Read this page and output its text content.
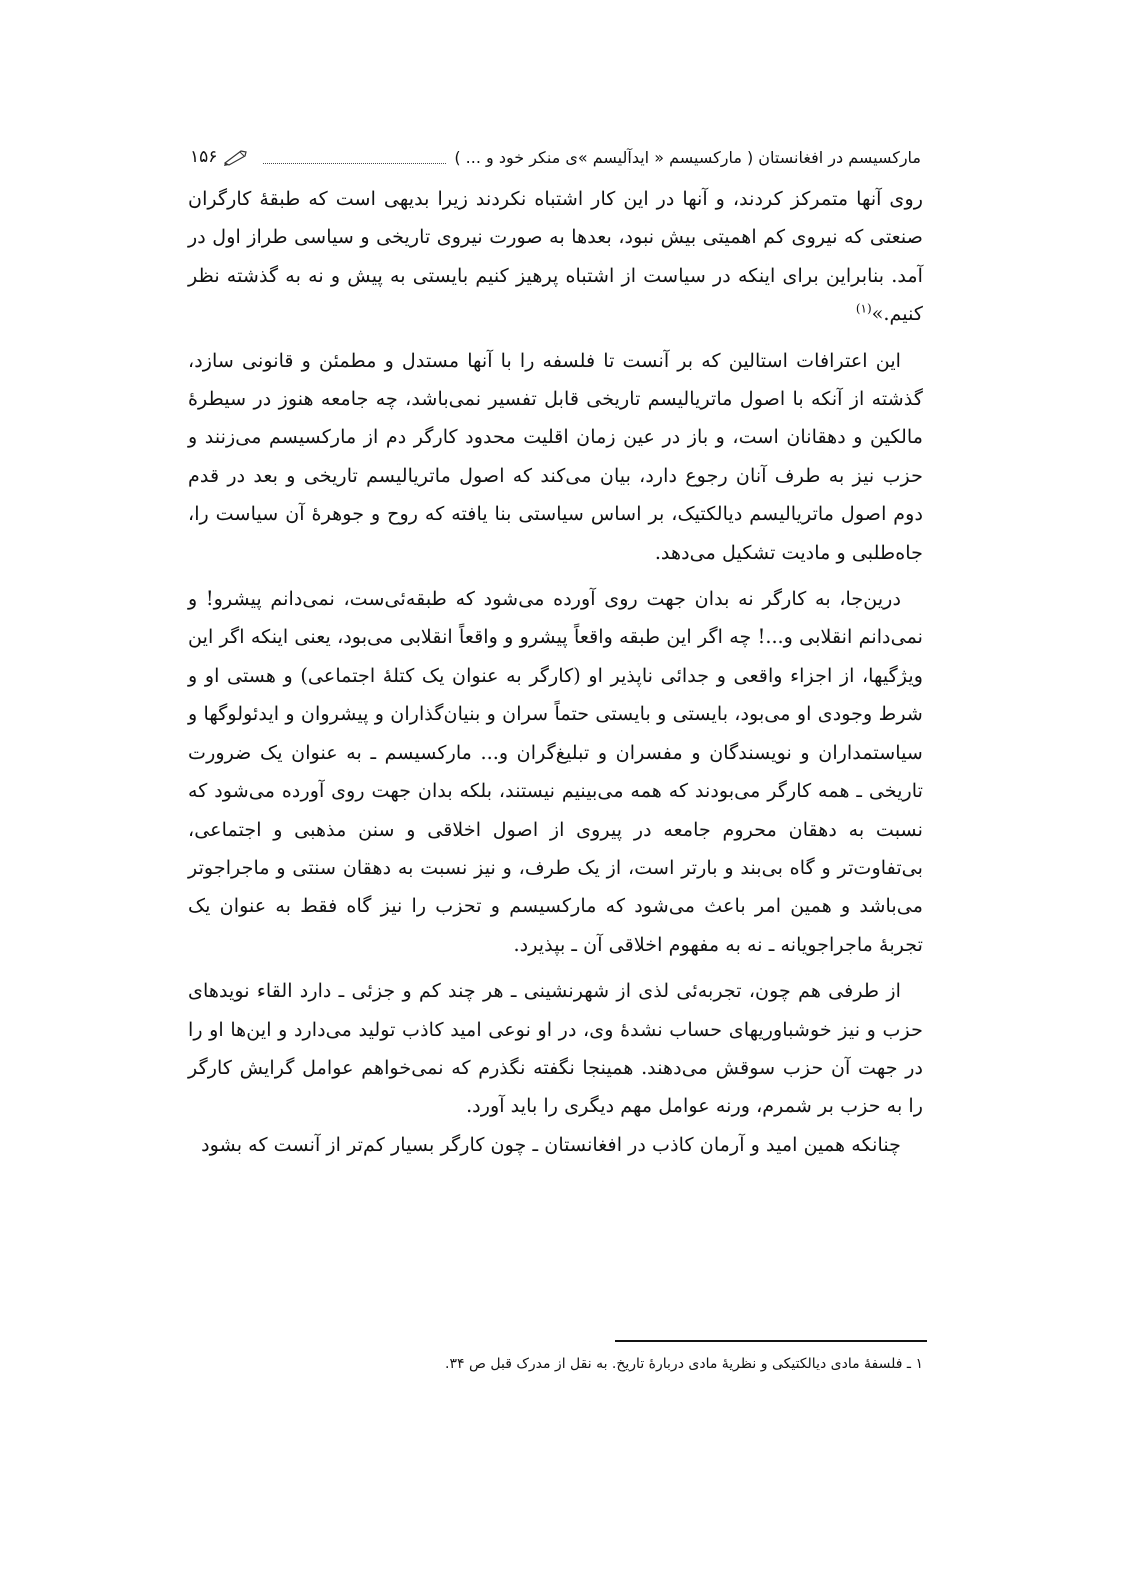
مارکسیسم در افغانستان ( مارکسیسم « ایدآلیسم »ی منکر خود و ... )
۱۵۶

روی آنها متمرکز کردند، و آنها در این کار اشتباه نکردند زیرا بدیهی است که طبقهٔ کارگران صنعتی که نیروی کم اهمیتی بیش نبود، بعدها به صورت نیروی تاریخی و سیاسی طراز اول در آمد. بنابراین برای اینکه در سیاست از اشتباه پرهیز کنیم بایستی به پیش و نه به گذشته نظر کنیم.»$^{(۱)}$

این اعترافات استالین که بر آنست تا فلسفه را با آنها مستدل و مطمئن و قانونی سازد، گذشته از آنکه با اصول ماتریالیسم تاریخی قابل تفسیر نمی‌باشد، چه جامعه هنوز در سیطرهٔ مالکین و دهقانان است، و باز در عین زمان اقلیت محدود کارگر دم از مارکسیسم می‌زنند و حزب نیز به طرف آنان رجوع دارد، بیان می‌کند که اصول ماتریالیسم تاریخی و بعد در قدم دوم اصول ماتریالیسم دیالکتیک، بر اساس سیاستی بنا یافته که روح و جوهرهٔ آن سیاست را، جاه‌طلبی و مادیت تشکیل می‌دهد.

درین‌جا، به کارگر نه بدان جهت روی آورده می‌شود که طبقه‌ئی‌ست، نمی‌دانم پیشرو! و نمی‌دانم انقلابی و...! چه اگر این طبقه واقعاً پیشرو و واقعاً انقلابی می‌بود، یعنی اینکه اگر این ویژگیها، از اجزاء واقعی و جدائی ناپذیر او (کارگر به عنوان یک کتلهٔ اجتماعی) و هستی او و شرط وجودی او می‌بود، بایستی و بایستی حتماً سران و بنیان‌گذاران و پیشروان و ایدئولوگها و سیاستمداران و نویسندگان و مفسران و تبلیغ‌گران و... مارکسیسم ـ به عنوان یک ضرورت تاریخی ـ همه کارگر می‌بودند که همه می‌بینیم نیستند، بلکه بدان جهت روی آورده می‌شود که نسبت به دهقان محروم جامعه در پیروی از اصول اخلاقی و سنن مذهبی و اجتماعی، بی‌تفاوت‌تر و گاه بی‌بند و بارتر است، از یک طرف، و نیز نسبت به دهقان سنتی و ماجراجوتر می‌باشد و همین امر باعث می‌شود که مارکسیسم و تحزب را نیز گاه فقط به عنوان یک تجربهٔ ماجراجویانه ـ نه به مفهوم اخلاقی آن ـ بپذیرد.

از طرفی هم چون، تجربه‌ئی لذی از شهرنشینی ـ هر چند کم و جزئی ـ دارد القاء نویدهای حزب و نیز خوشباوریهای حساب نشدهٔ وی، در او نوعی امید کاذب تولید می‌دارد و این‌ها او را در جهت آن حزب سوقش می‌دهند. همینجا نگفته نگذرم که نمی‌خواهم عوامل گرایش کارگر را به حزب بر شمرم، ورنه عوامل مهم دیگری را باید آورد.

چنانکه همین امید و آرمان کاذب در افغانستان ـ چون کارگر بسیار کم‌تر از آنست که بشود

۱ ـ فلسفهٔ مادی دیالکتیکی و نظریهٔ مادی دربارهٔ تاریخ. به نقل از مدرک قبل ص ۳۴.
